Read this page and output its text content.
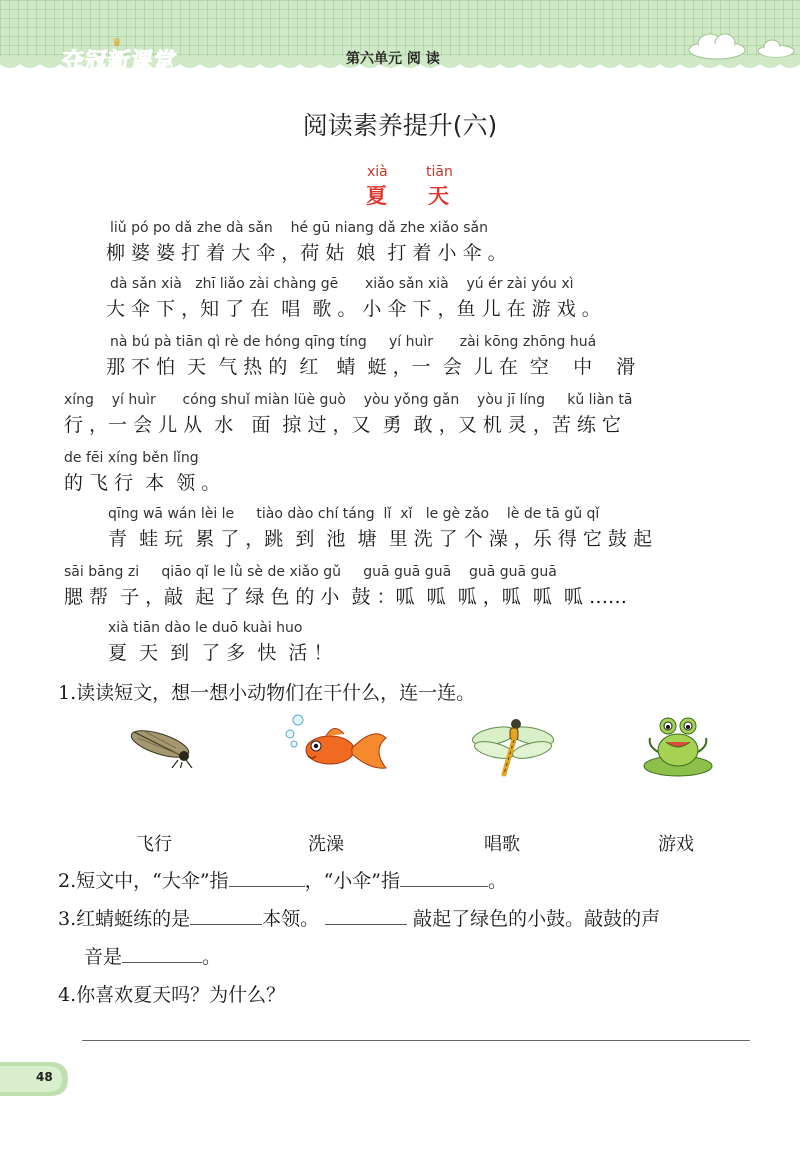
♛
夺冠新课堂	第六单元 阅 读
阅读素养提升(六)
xià	tiān
夏 天
liǔ pó po dǎ zhe dà sǎn    hé gū niang dǎ zhe xiǎo sǎn
柳 婆 婆 打 着 大 伞 ，荷 姑  娘  打 着 小 伞 。
dà sǎn xià   zhī liǎo zài chàng gē      xiǎo sǎn xià    yú ér zài yóu xì
大 伞 下 ，知 了 在  唱  歌 。 小 伞 下 ，鱼 儿 在 游 戏 。
nà bú pà tiān qì rè de hóng qīng tíng     yí huìr      zài kōng zhōng huá
那 不 怕  天  气 热 的  红   蜻  蜓 ，一  会  儿 在  空    中    滑
xíng    yí huìr      cóng shuǐ miàn lüè guò    yòu yǒng gǎn    yòu jī líng     kǔ liàn tā
行 ，一 会 儿 从  水   面  掠 过 ，又  勇  敢 ，又 机 灵 ，苦 练 它
de fēi xíng běn lǐng
的 飞 行  本  领 。
qīng wā wán lèi le     tiào dào chí táng  lǐ  xǐ   le gè zǎo    lè de tā gǔ qǐ
青  蛙 玩  累 了 ，跳  到  池  塘  里 洗 了 个 澡 ，乐 得 它 鼓 起
sāi bāng zi     qiāo qǐ le lǜ sè de xiǎo gǔ     guā guā guā    guā guā guā
腮 帮  子 ，敲  起 了 绿 色 的 小  鼓 ：呱  呱  呱 ，呱  呱  呱 ……
xià tiān dào le duō kuài huo
夏  天  到  了 多  快  活 ！
1.读读短文，想一想小动物们在干什么，连一连。
飞行	洗澡	唱歌	游戏
2.短文中，“大伞”指	，“小伞”指	。
3.红蜻蜓练的是	本领。	敲起了绿色的小鼓。敲鼓的声
音是	。
4.你喜欢夏天吗？为什么？
48
